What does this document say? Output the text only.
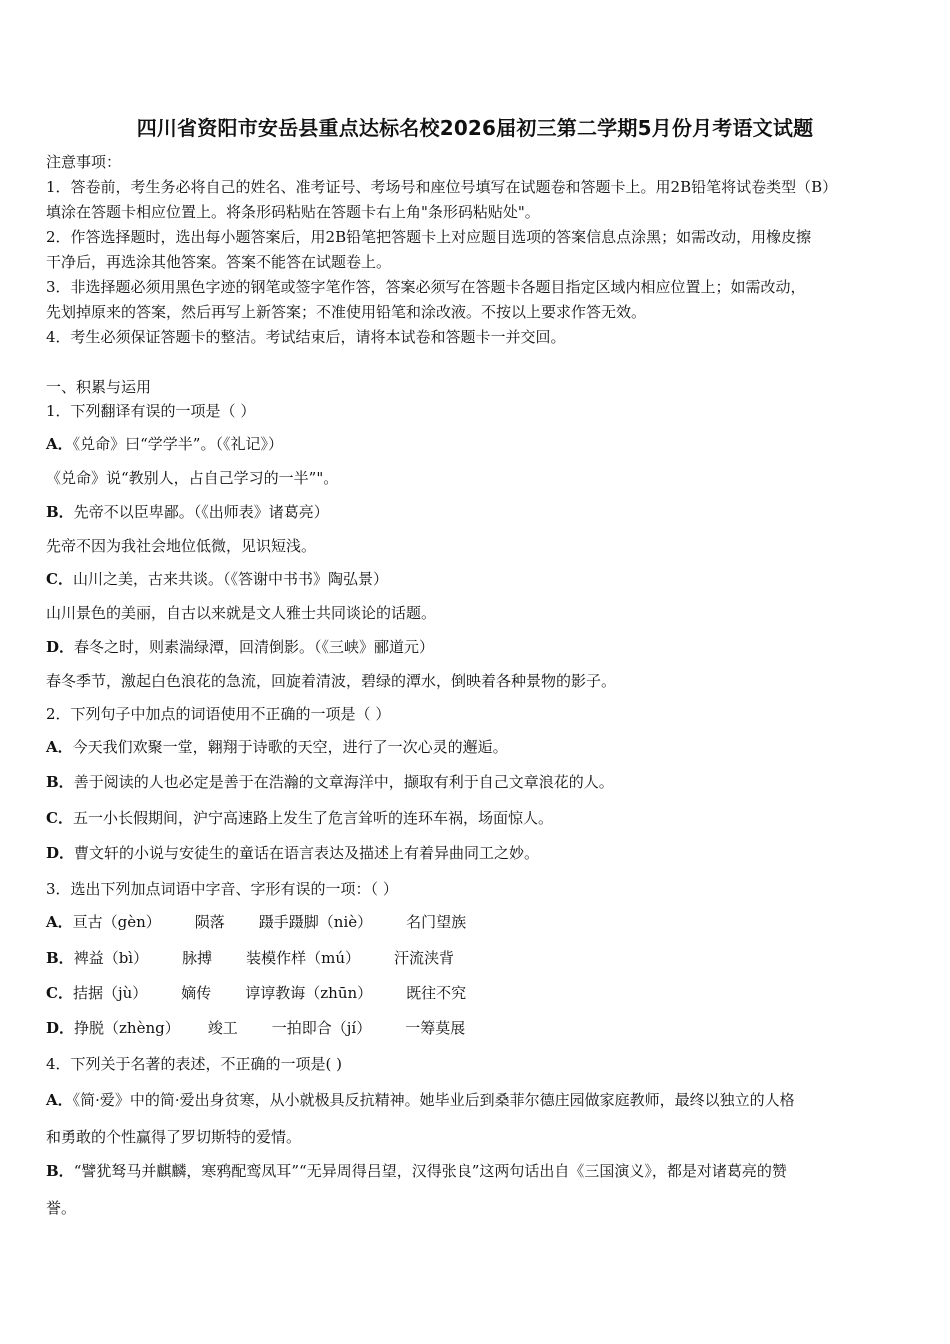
四川省资阳市安岳县重点达标名校2026届初三第二学期5月份月考语文试题
注意事项：
1．答卷前，考生务必将自己的姓名、准考证号、考场号和座位号填写在试题卷和答题卡上。用2B铅笔将试卷类型（B）
填涂在答题卡相应位置上。将条形码粘贴在答题卡右上角"条形码粘贴处"。
2．作答选择题时，选出每小题答案后，用2B铅笔把答题卡上对应题目选项的答案信息点涂黑；如需改动，用橡皮擦
干净后，再选涂其他答案。答案不能答在试题卷上。
3．非选择题必须用黑色字迹的钢笔或签字笔作答，答案必须写在答题卡各题目指定区域内相应位置上；如需改动，
先划掉原来的答案，然后再写上新答案；不准使用铅笔和涂改液。不按以上要求作答无效。
4．考生必须保证答题卡的整洁。考试结束后，请将本试卷和答题卡一并交回。
一、积累与运用
1．下列翻译有误的一项是（ ）
A．《兑命》曰“学学半”。（《礼记》）
《兑命》说“教别人，占自己学习的一半”"。
B．先帝不以臣卑鄙。（《出师表》诸葛亮）
先帝不因为我社会地位低微，见识短浅。
C．山川之美，古来共谈。（《答谢中书书》陶弘景）
山川景色的美丽，自古以来就是文人雅士共同谈论的话题。
D．春冬之时，则素湍绿潭，回清倒影。（《三峡》郦道元）
春冬季节，激起白色浪花的急流，回旋着清波，碧绿的潭水，倒映着各种景物的影子。
2．下列句子中加点的词语使用不正确的一项是（ ）
A．今天我们欢聚一堂，翱翔于诗歌的天空，进行了一次心灵的邂逅。
B．善于阅读的人也必定是善于在浩瀚的文章海洋中，撷取有利于自己文章浪花的人。
C．五一小长假期间，沪宁高速路上发生了危言耸听的连环车祸，场面惊人。
D．曹文轩的小说与安徒生的童话在语言表达及描述上有着异曲同工之妙。
3．选出下列加点词语中字音、字形有误的一项：（ ）
A．亘古（gèn） 陨落 蹑手蹑脚（niè） 名门望族
B．裨益（bì） 脉搏 装模作样（mú） 汗流浃背
C．拮据（jù） 嫡传 谆谆教诲（zhūn） 既往不究
D．挣脱（zhèng） 竣工 一拍即合（jí） 一筹莫展
4．下列关于名著的表述，不正确的一项是( )
A．《简·爱》中的简·爱出身贫寒，从小就极具反抗精神。她毕业后到桑菲尔德庄园做家庭教师，最终以独立的人格
和勇敢的个性赢得了罗切斯特的爱情。
B．“譬犹驽马并麒麟，寒鸦配鸾凤耳”“无异周得吕望，汉得张良”这两句话出自《三国演义》，都是对诸葛亮的赞
誉。
